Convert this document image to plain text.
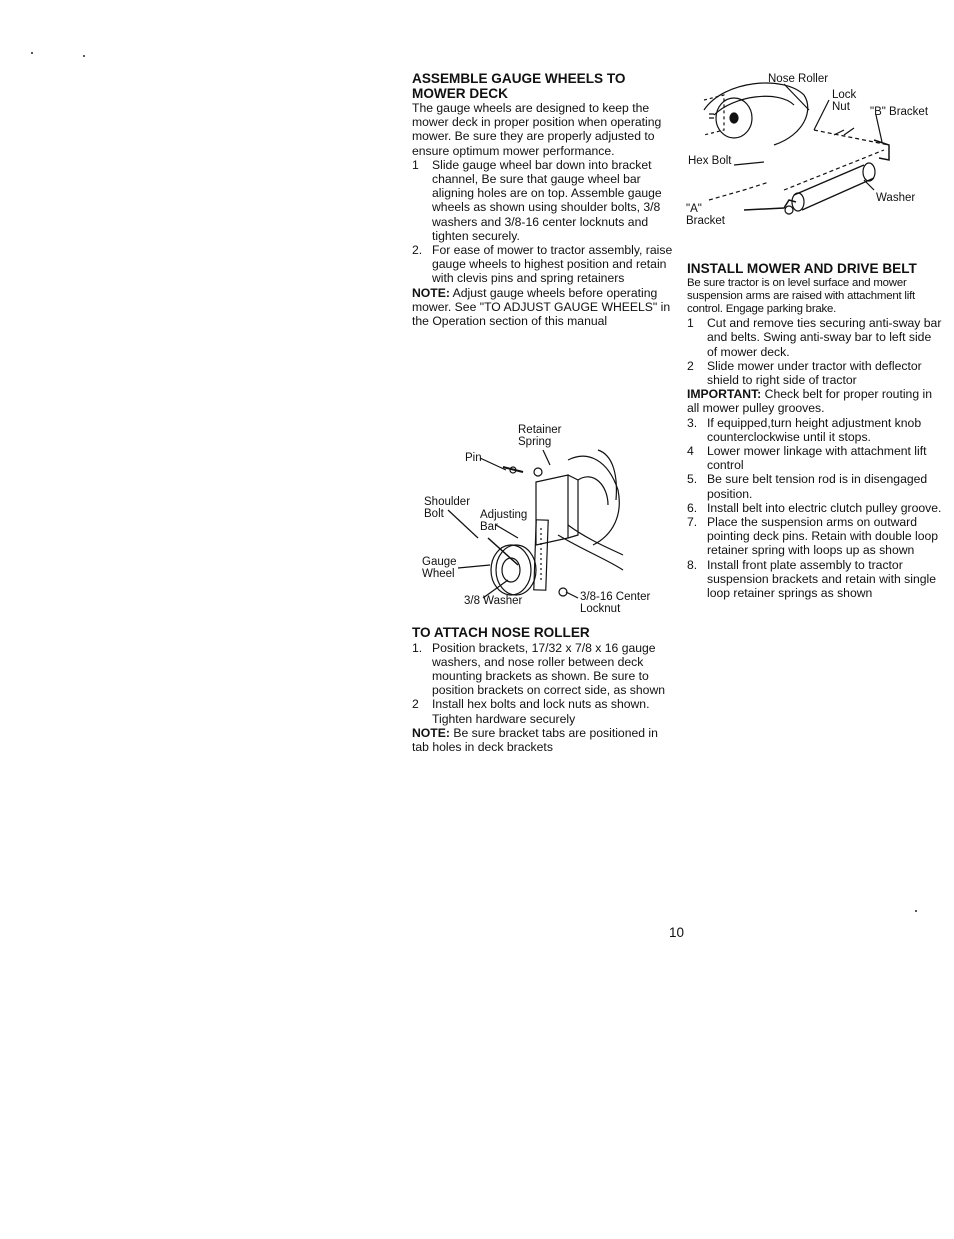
ASSEMBLE GAUGE WHEELS TO MOWER DECK

The gauge wheels are designed to keep the mower deck in proper position when operating mower. Be sure they are properly adjusted to ensure optimum mower performance.

1	Slide gauge wheel bar down into bracket channel, Be sure that gauge wheel bar aligning holes are on top. Assemble gauge wheels as shown using shoulder bolts, 3/8 washers and 3/8-16 center locknuts and tighten securely.
2. For ease of mower to tractor assembly, raise gauge wheels to highest position and retain with clevis pins and spring retainers

NOTE: Adjust gauge wheels before operating mower. See "TO ADJUST GAUGE WHEELS" in the Operation section of this manual

Retainer Spring
Pin
Shoulder Bolt	Adjusting Bar
Gauge Wheel
3/8 Washer	3/8-16 Center Locknut
TO ATTACH NOSE ROLLER
1. Position brackets, 17/32 x 7/8 x 16 gauge washers, and nose roller between deck mounting brackets as shown. Be sure to position brackets on correct side, as shown
2	Install hex bolts and lock nuts as shown. Tighten hardware securely

NOTE: Be sure bracket tabs are positioned in tab holes in deck brackets

Nose Roller
Lock Nut	"B" Bracket
Hex Bolt
Washer
"A" Bracket
INSTALL MOWER AND DRIVE BELT

Be sure tractor is on level surface and mower suspension arms are raised with attachment lift control. Engage parking brake.

1	Cut and remove ties securing anti-sway bar and belts. Swing anti-sway bar to left side of mower deck.
2	Slide mower under tractor with deflector shield to right side of tractor

IMPORTANT: Check belt for proper routing in all mower pulley grooves.

3. If equipped,turn height adjustment knob counterclockwise until it stops.
4	Lower mower linkage with attachment lift control
5. Be sure belt tension rod is in disengaged position.
6. Install belt into electric clutch pulley groove.
7. Place the suspension arms on outward pointing deck pins. Retain with double loop retainer spring with loops up as shown
8. Install front plate assembly to tractor suspension brackets and retain with single loop retainer springs as shown
10
